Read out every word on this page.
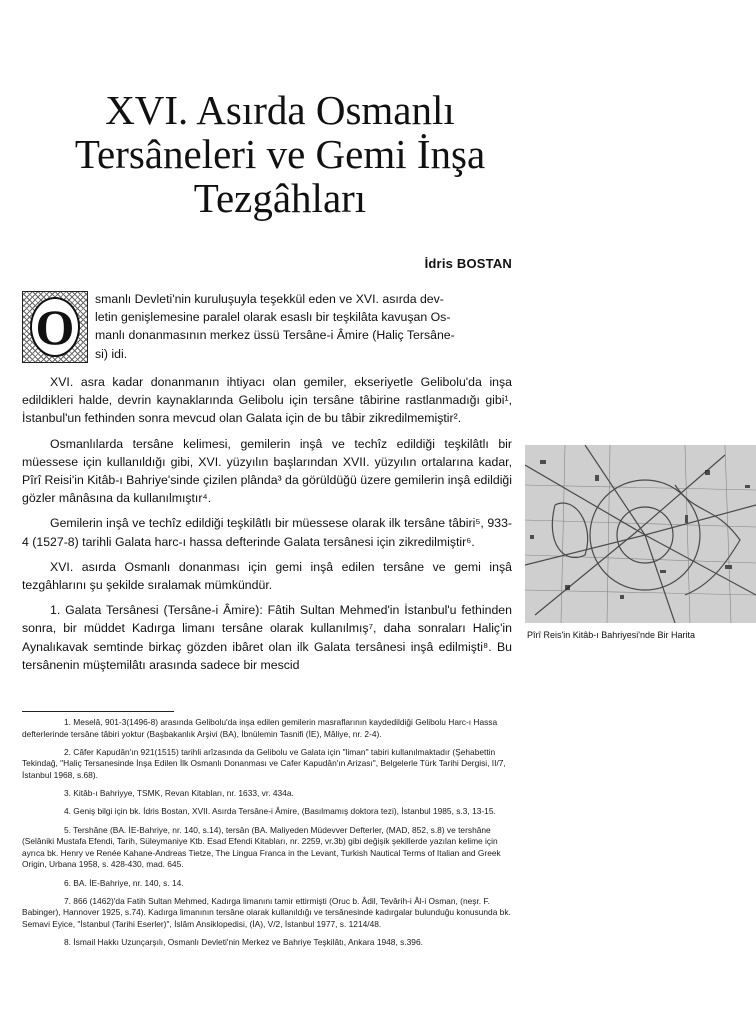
XVI. Asırda Osmanlı
Tersâneleri ve Gemi İnşa
Tezgâhları
İdris BOSTAN
O	smanlı Devleti'nin kuruluşuyla teşekkül eden ve XVI. asırda dev-
letin genişlemesine paralel olarak esaslı bir teşkilâta kavuşan Os-
manlı donanmasının merkez üssü Tersâne-i Âmire (Haliç Tersâne-
si) idi.

XVI. asra kadar donanmanın ihtiyacı olan gemiler, ekseriyetle Gelibolu'da inşa edildikleri halde, devrin kaynaklarında Gelibolu için tersâne tâbirine rastlanmadığı gibi¹, İstanbul'un fethinden sonra mevcud olan Galata için de bu tâbir zikredilmemiştir².

Osmanlılarda tersâne kelimesi, gemilerin inşâ ve techîz edildiği teşkilâtlı bir müessese için kullanıldığı gibi, XVI. yüzyılın başlarından XVII. yüzyılın ortalarına kadar, Pîrî Reisi'in Kitâb-ı Bahriye'sinde çizilen plânda³ da görüldüğü üzere gemilerin inşâ edildiği gözler mânâsına da kullanılmıştır⁴.

Gemilerin inşâ ve techîz edildiği teşkilâtlı bir müessese olarak ilk tersâne tâbiri⁵, 933-4 (1527-8) tarihli Galata harc-ı hassa defterinde Galata tersânesi için zikredilmiştir⁶.

XVI. asırda Osmanlı donanması için gemi inşâ edilen tersâne ve gemi inşâ tezgâhlarını şu şekilde sıralamak mümkündür.

1. Galata Tersânesi (Tersâne-i Âmire): Fâtih Sultan Mehmed'in İstanbul'u fethinden sonra, bir müddet Kadırga limanı tersâne olarak kullanılmış⁷, daha sonraları Haliç'in Aynalıkavak semtinde birkaç gözden ibâret olan ilk Galata tersânesi inşâ edilmişti⁸. Bu tersânenin müştemilâtı arasında sadece bir mescid

Pîrî Reis'in Kitâb-ı Bahriyesi'nde Bir Harita

1. Meselâ, 901-3(1496-8) arasında Gelibolu'da inşa edilen gemilerin masraflarının kaydedildiği Gelibolu Harc-ı Hassa defterlerinde tersâne tâbiri yoktur (Başbakanlık Arşivi (BA), İbnülemin Tasnifi (İE), Mâliye, nr. 2-4).

2. Câfer Kapudân'ın 921(1515) tarihli arîzasında da Gelibolu ve Galata için "liman" tabiri kullanılmaktadır (Şehabettin Tekindağ, "Haliç Tersanesinde İnşa Edilen İlk Osmanlı Donanması ve Cafer Kapudân'ın Arizası", Belgelerle Türk Tarihi Dergisi, II/7, İstanbul 1968, s.68).

3. Kitâb-ı Bahriyye, TSMK, Revan Kitabları, nr. 1633, vr. 434a.

4. Geniş bilgi için bk. İdris Bostan, XVII. Asırda Tersâne-i Âmire, (Basılmamış doktora tezi), İstanbul 1985, s.3, 13-15.

5. Tershâne (BA. İE-Bahriye, nr. 140, s.14), tersân (BA. Maliyeden Müdevver Defterler, (MAD, 852, s.8) ve tershâne (Selâniki Mustafa Efendi, Tarih, Süleymaniye Ktb. Esad Efendi Kitabları, nr. 2259, vr.3b) gibi değişik şekillerde yazılan kelime için ayrıca bk. Henry ve Renée Kahane-Andreas Tietze, The Lingua Franca in the Levant, Turkish Nautical Terms of Italian and Greek Origin, Urbana 1958, s. 428-430, mad. 645.

6. BA. İE-Bahriye, nr. 140, s. 14.

7. 866 (1462)'da Fatih Sultan Mehmed, Kadırga limanını tamir ettirmişti (Oruc b. Âdil, Tevârih-i Âl-i Osman, (neşr. F. Babinger), Hannover 1925, s.74). Kadırga limanının tersâne olarak kullanıldığı ve tersânesinde kadırgalar bulunduğu konusunda bk. Semavi Eyice, "İstanbul (Tarihi Eserler)", İslâm Ansiklopedisi, (İA), V/2, İstanbul 1977, s. 1214/48.

8. İsmail Hakkı Uzunçarşılı, Osmanlı Devleti'nin Merkez ve Bahriye Teşkilâtı, Ankara 1948, s.396.
